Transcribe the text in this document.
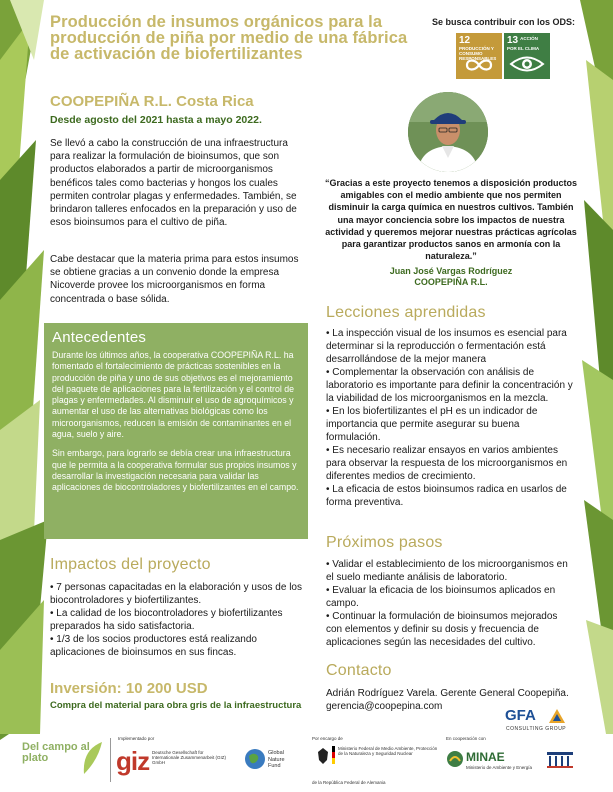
Producción de insumos orgánicos para la producción de piña por medio de una fábrica de activación de biofertilizantes
Se busca contribuir con los ODS:
12PRODUCCIÓN Y CONSUMO RESPONSABLES
13 ACCIÓN POR EL CLIMA
COOPEPIÑA R.L. Costa Rica
Desde agosto del 2021 hasta a mayo 2022.

Se llevó a cabo la construcción de una infraestructura para realizar la formulación de bioinsumos, que son productos elaborados a partir de microorganismos benéficos tales como bacterias y hongos los cuales permiten controlar plagas y enfermedades. También, se brindaron talleres enfocados en la preparación y uso de esos bioinsumos para el cultivo de piña.

Cabe destacar que la materia prima para estos insumos se obtiene gracias a un convenio donde la empresa Nicoverde provee los microorganismos en forma concentrada o base sólida.

Antecedentes

Durante los últimos años, la cooperativa COOPEPIÑA R.L. ha fomentado el fortalecimiento de prácticas sostenibles en la producción de piña y uno de sus objetivos es el mejoramiento del paquete de aplicaciones para la fertilización y el control de plagas y enfermedades. Al disminuir el uso de agroquímicos y aumentar el uso de las alternativas biológicas como los microorganismos, reducen la emisión de contaminantes en el agua, suelo y aire.

Sin embargo, para lograrlo se debía crear una infraestructura que le permita a la cooperativa formular sus propios insumos y desarrollar la investigación necesaria para validar las aplicaciones de biocontroladores y biofertilizantes en el campo.

Impactos del proyecto
• 7 personas capacitadas en la elaboración y usos de los biocontroladores y biofertilizantes.
• La calidad de los biocontroladores y biofertilizantes preparados ha sido satisfactoria.
• 1/3 de los socios productores está realizando aplicaciones de bioinsumos en sus fincas.
Inversión: 10 200 USD
Compra del material para obra gris de la infraestructura

“Gracias a este proyecto tenemos a disposición productos amigables con el medio ambiente que nos permiten disminuir la carga química en nuestros cultivos. También una mayor conciencia sobre los impactos de nuestra actividad y queremos mejorar nuestras prácticas agrícolas para garantizar productos sanos en armonía con la naturaleza.”

Juan José Vargas Rodríguez
COOPEPIÑA R.L.
Lecciones aprendidas
• La inspección visual de los insumos es esencial para determinar si la reproducción o fermentación está desarrollándose de la mejor manera
• Complementar la observación con análisis de laboratorio es importante para definir la concentración y la viabilidad de los microorganismos en la mezcla.
• En los biofertilizantes el pH es un indicador de importancia que permite asegurar su buena formulación.
• Es necesario realizar ensayos en varios ambientes para observar la respuesta de los microorganismos en diferentes medios de crecimiento.
• La eficacia de estos bioinsumos radica en usarlos de forma preventiva.
Próximos pasos
• Validar el establecimiento de los microorganismos en el suelo mediante análisis de laboratorio.
• Evaluar la eficacia de los bioinsumos aplicados en campo.
• Continuar la formulación de bioinsumos mejorados con elementos y definir su dosis y frecuencia de aplicaciones según las necesidades del cultivo.
Contacto
Adrián Rodríguez Varela. Gerente General Coopepiña.
gerencia@coopepina.com
GFA
CONSULTING GROUP
Del campo al plato
Implementado por
giz Deutsche Gesellschaft für Internationale Zusammenarbeit (GIZ) GmbH
Global Nature Fund
Por encargo de
Ministerio Federal de Medio Ambiente, Protección de la Naturaleza y Seguridad Nuclear
de la República Federal de Alemania
En cooperación con
MINAE
Ministerio de Ambiente y Energía
